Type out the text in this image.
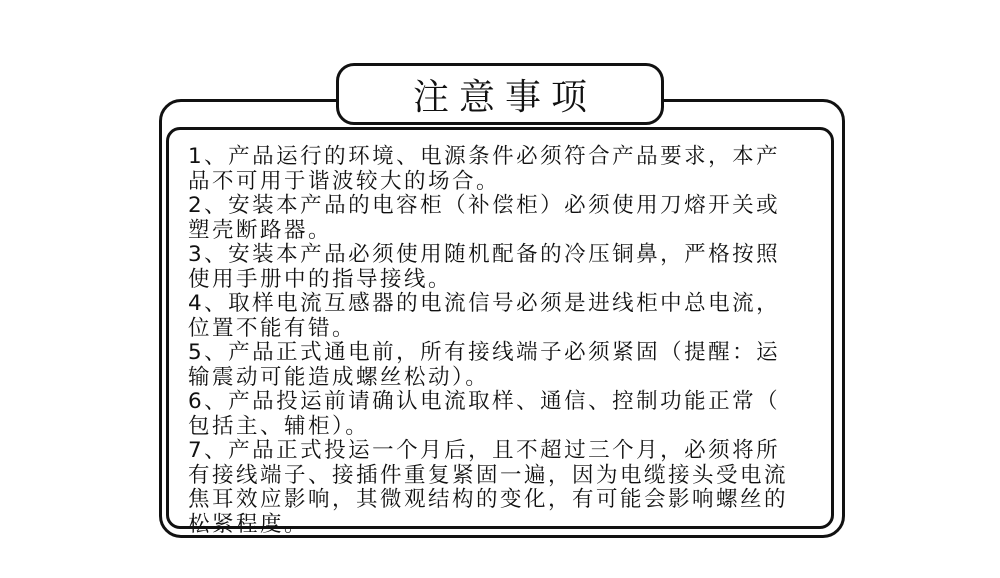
注意事项
1、产品运行的环境、电源条件必须符合产品要求，本产
品不可用于谐波较大的场合。
2、安装本产品的电容柜（补偿柜）必须使用刀熔开关或
塑壳断路器。
3、安装本产品必须使用随机配备的冷压铜鼻，严格按照
使用手册中的指导接线。
4、取样电流互感器的电流信号必须是进线柜中总电流，
位置不能有错。
5、产品正式通电前，所有接线端子必须紧固（提醒：运
输震动可能造成螺丝松动）。
6、产品投运前请确认电流取样、通信、控制功能正常（
包括主、辅柜）。
7、产品正式投运一个月后，且不超过三个月，必须将所
有接线端子、接插件重复紧固一遍，因为电缆接头受电流
焦耳效应影响，其微观结构的变化，有可能会影响螺丝的
松紧程度。
